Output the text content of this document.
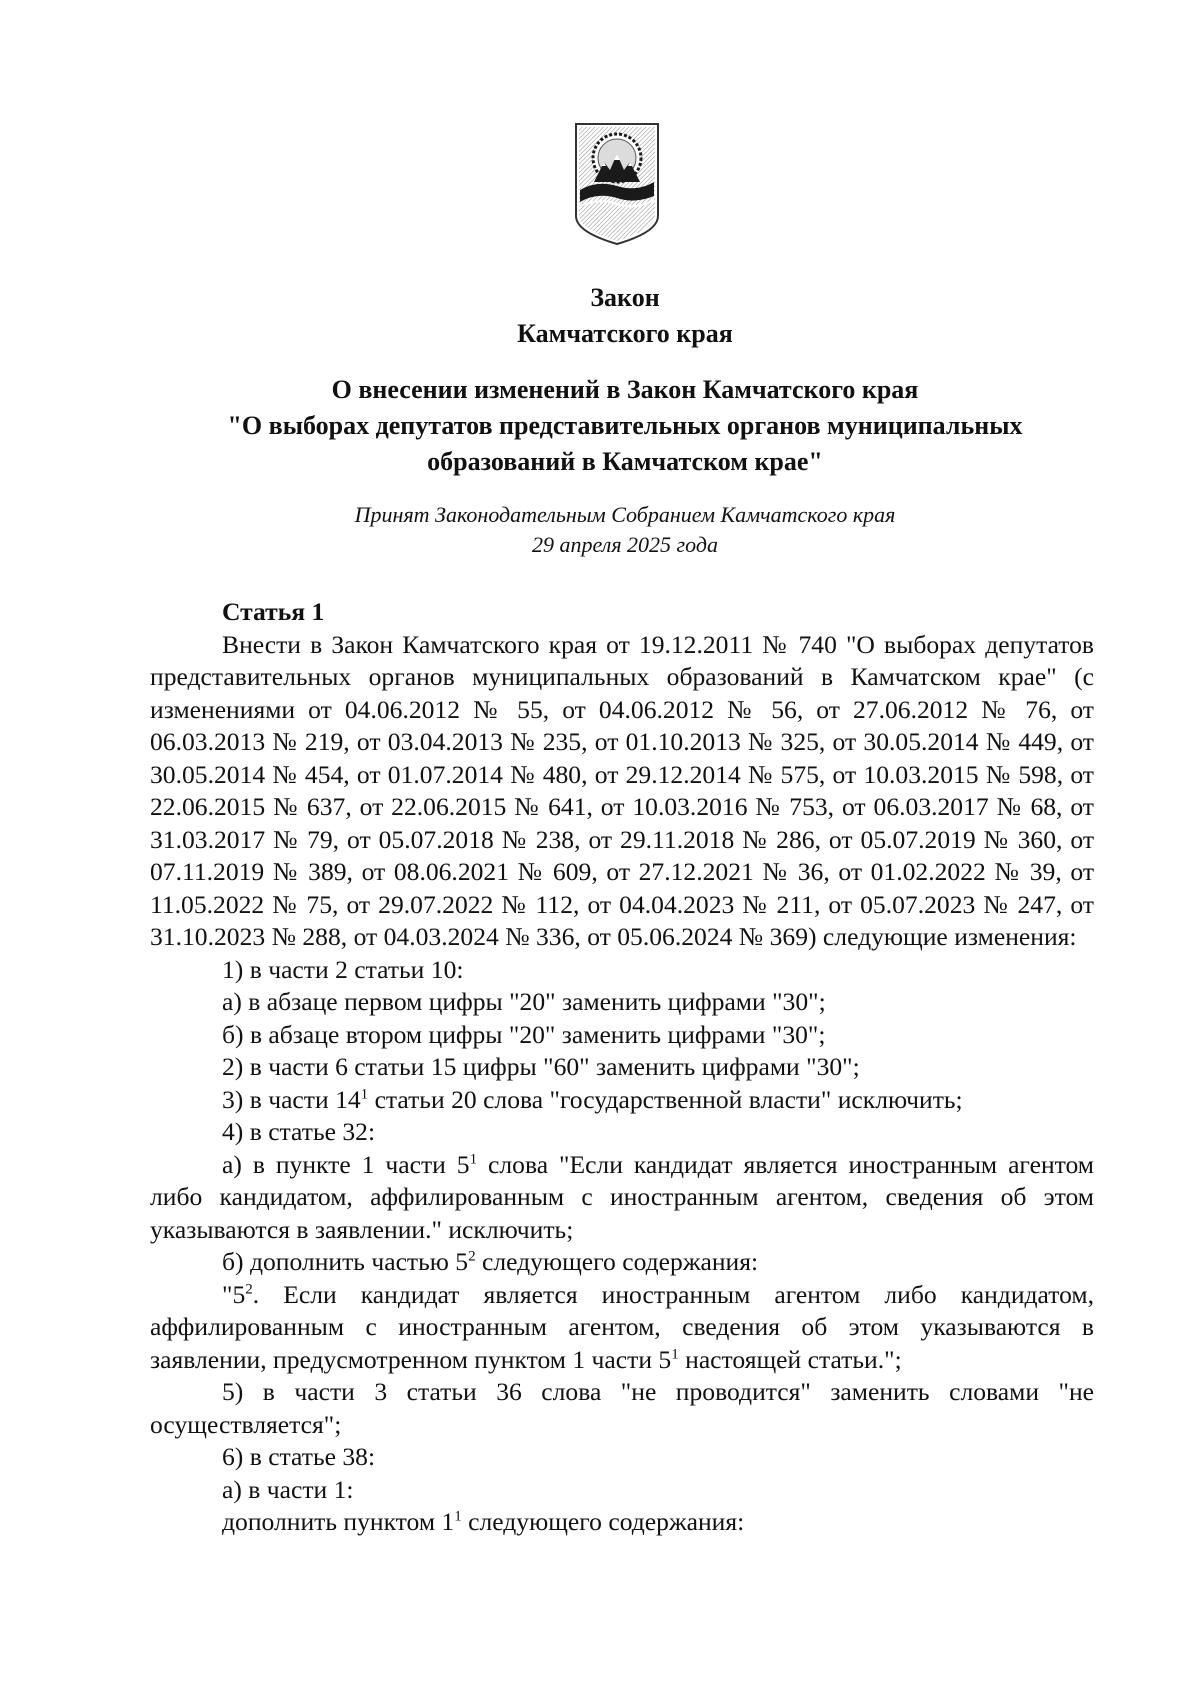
Закон
Камчатского края
О внесении изменений в Закон Камчатского края
"О выборах депутатов представительных органов муниципальных
образований в Камчатском крае"
Принят Законодательным Собранием Камчатского края
29 апреля 2025 года
Статья 1

Внести в Закон Камчатского края от 19.12.2011 № 740 "О выборах депутатов представительных органов муниципальных образований в Камчатском крае" (с изменениями от 04.06.2012 № 55, от 04.06.2012 № 56, от 27.06.2012 № 76, от 06.03.2013 № 219, от 03.04.2013 № 235, от 01.10.2013 № 325, от 30.05.2014 № 449, от 30.05.2014 № 454, от 01.07.2014 № 480, от 29.12.2014 № 575, от 10.03.2015 № 598, от 22.06.2015 № 637, от 22.06.2015 № 641, от 10.03.2016 № 753, от 06.03.2017 № 68, от 31.03.2017 № 79, от 05.07.2018 № 238, от 29.11.2018 № 286, от 05.07.2019 № 360, от 07.11.2019 № 389, от 08.06.2021 № 609, от 27.12.2021 № 36, от 01.02.2022 № 39, от 11.05.2022 № 75, от 29.07.2022 № 112, от 04.04.2023 № 211, от 05.07.2023 № 247, от 31.10.2023 № 288, от 04.03.2024 № 336, от 05.06.2024 № 369) следующие изменения:

1) в части 2 статьи 10:

а) в абзаце первом цифры "20" заменить цифрами "30";

б) в абзаце втором цифры "20" заменить цифрами "30";

2) в части 6 статьи 15 цифры "60" заменить цифрами "30";

3) в части $14^1$ статьи 20 слова "государственной власти" исключить;

4) в статье 32:

а) в пункте 1 части $5^1$ слова "Если кандидат является иностранным агентом либо кандидатом, аффилированным с иностранным агентом, сведения об этом указываются в заявлении." исключить;

б) дополнить частью $5^2$ следующего содержания:

"$5^2$. Если кандидат является иностранным агентом либо кандидатом, аффилированным с иностранным агентом, сведения об этом указываются в заявлении, предусмотренном пунктом 1 части $5^1$ настоящей статьи.";

5) в части 3 статьи 36 слова "не проводится" заменить словами "не осуществляется";

6) в статье 38:

а) в части 1:

дополнить пунктом $1^1$ следующего содержания:
